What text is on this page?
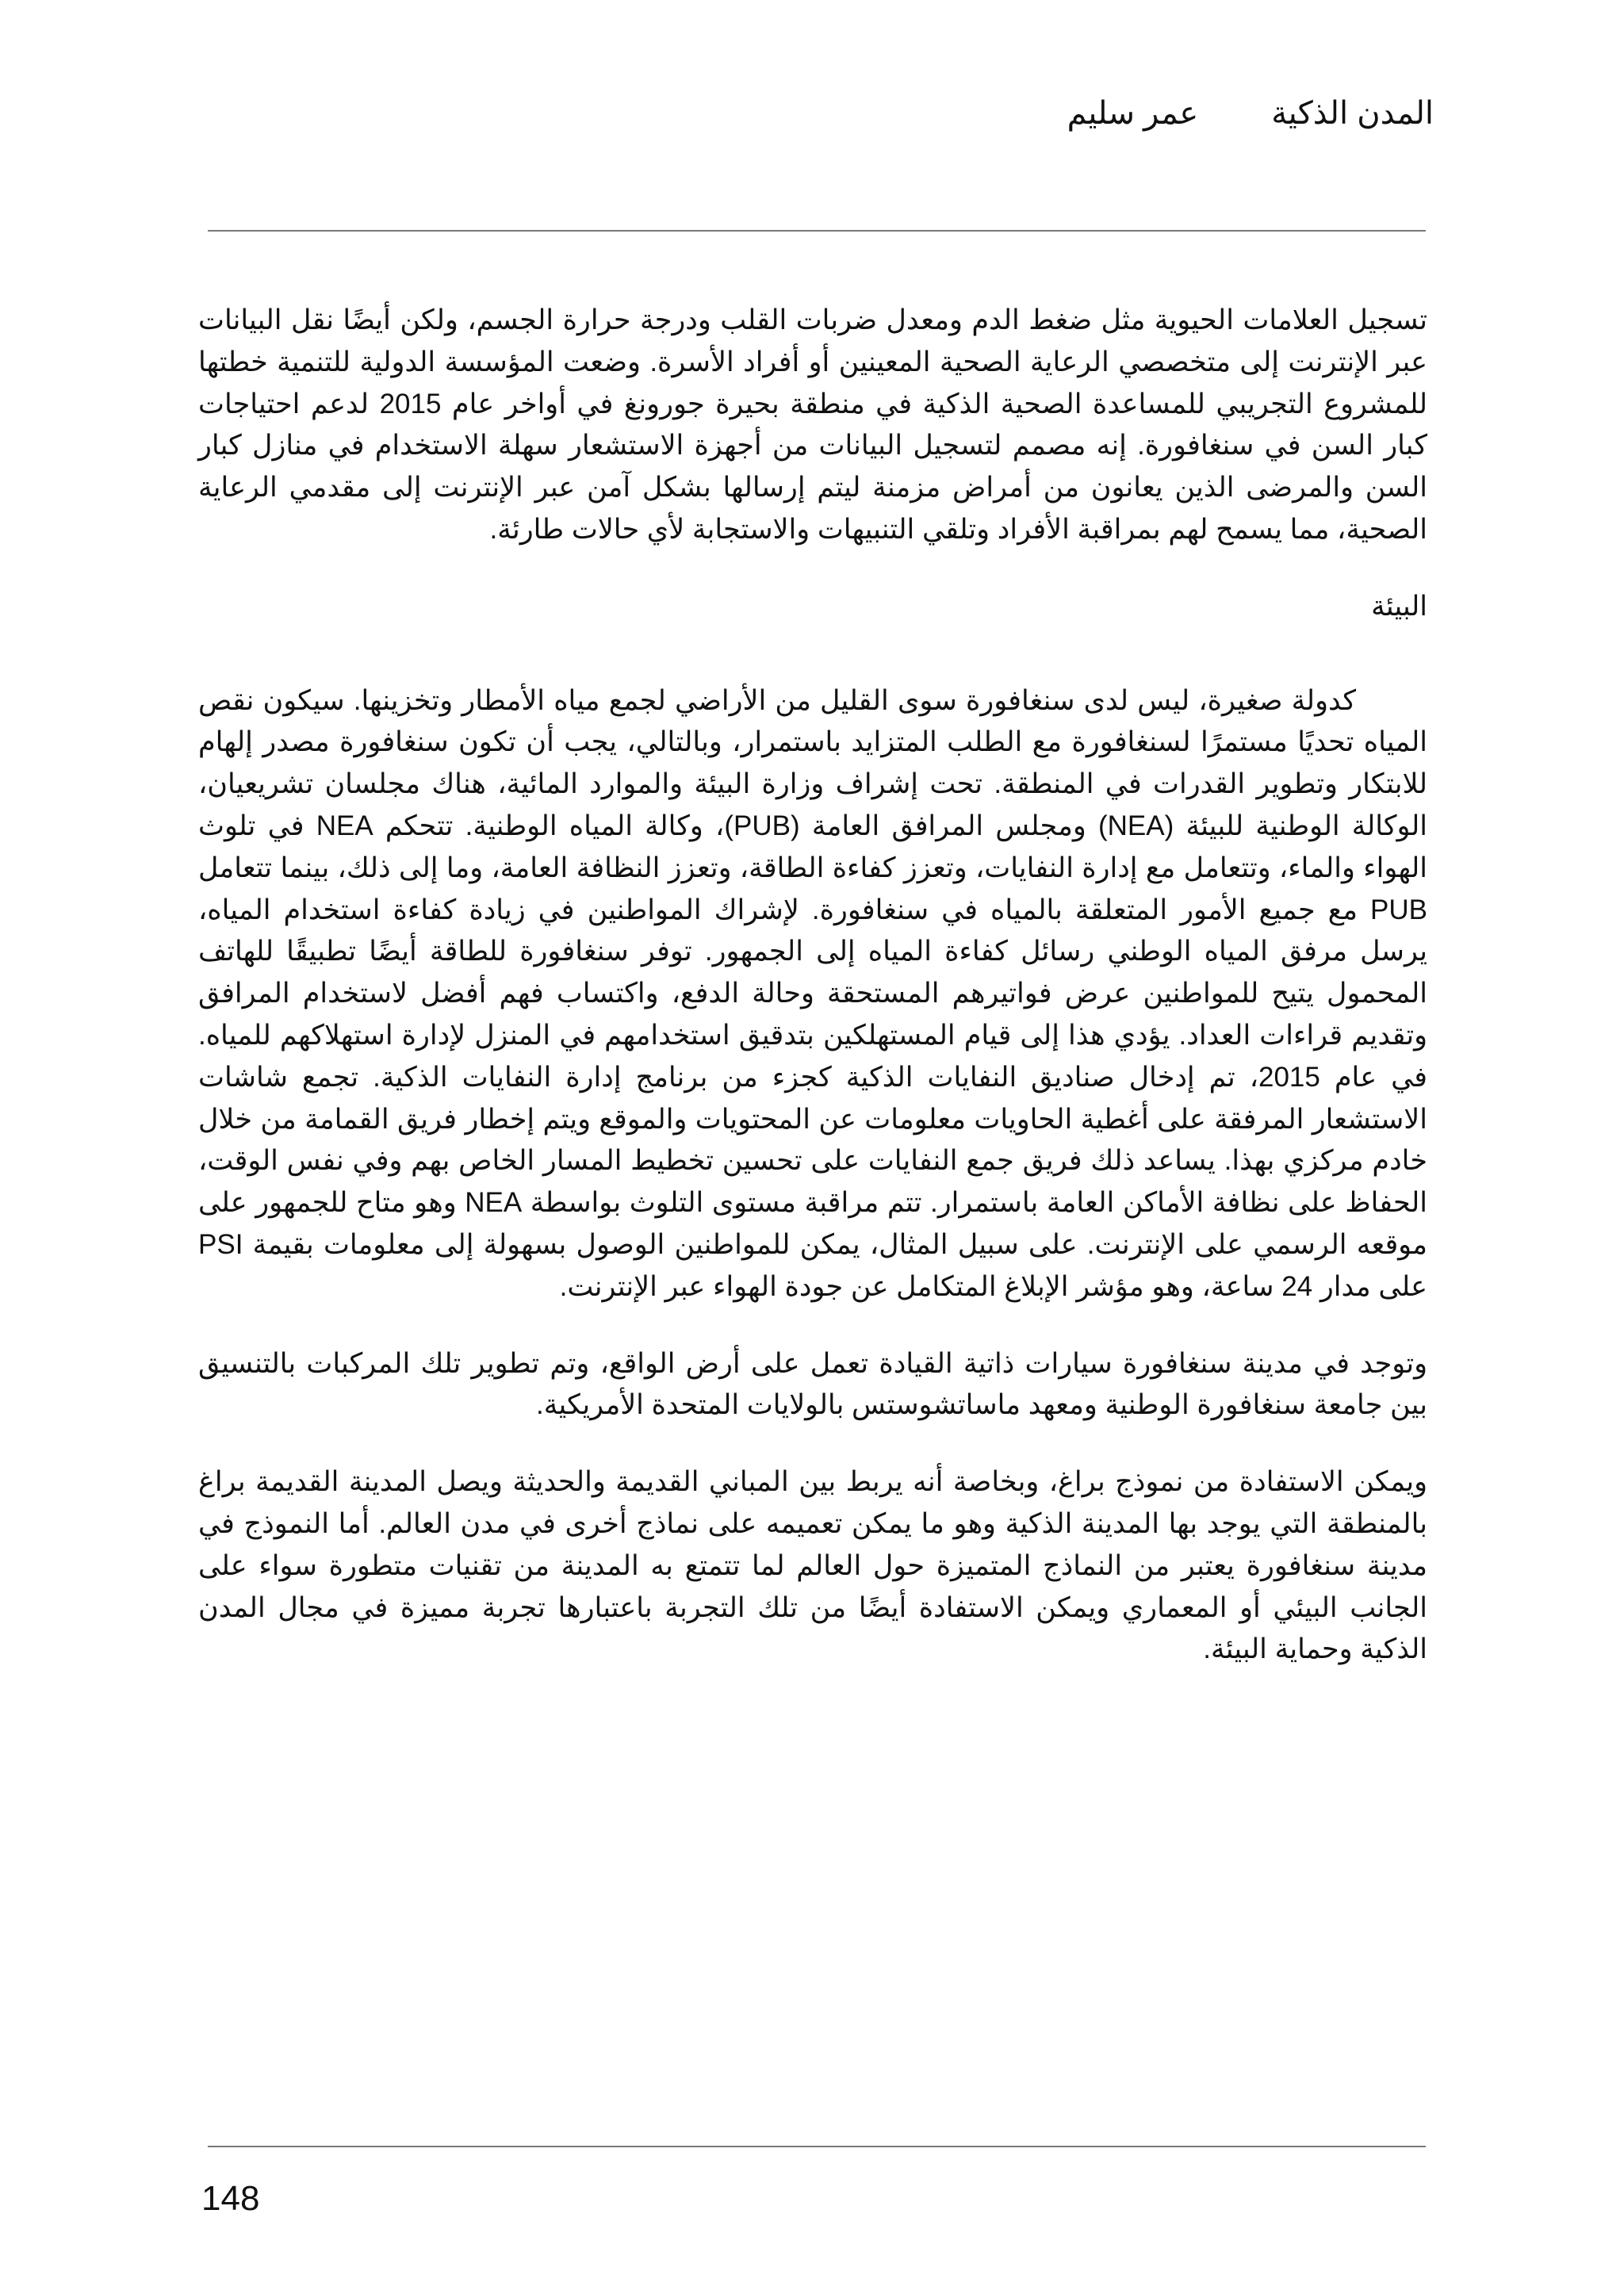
المدن الذكيةعمر سليم

تسجيل العلامات الحيوية مثل ضغط الدم ومعدل ضربات القلب ودرجة حرارة الجسم، ولكن أيضًا نقل البيانات عبر الإنترنت إلى متخصصي الرعاية الصحية المعينين أو أفراد الأسرة. وضعت المؤسسة الدولية للتنمية خطتها للمشروع التجريبي للمساعدة الصحية الذكية في منطقة بحيرة جورونغ في أواخر عام 2015 لدعم احتياجات كبار السن في سنغافورة. إنه مصمم لتسجيل البيانات من أجهزة الاستشعار سهلة الاستخدام في منازل كبار السن والمرضى الذين يعانون من أمراض مزمنة ليتم إرسالها بشكل آمن عبر الإنترنت إلى مقدمي الرعاية الصحية، مما يسمح لهم بمراقبة الأفراد وتلقي التنبيهات والاستجابة لأي حالات طارئة.

البيئة

كدولة صغيرة، ليس لدى سنغافورة سوى القليل من الأراضي لجمع مياه الأمطار وتخزينها. سيكون نقص المياه تحديًا مستمرًا لسنغافورة مع الطلب المتزايد باستمرار، وبالتالي، يجب أن تكون سنغافورة مصدر إلهام للابتكار وتطوير القدرات في المنطقة. تحت إشراف وزارة البيئة والموارد المائية، هناك مجلسان تشريعيان، الوكالة الوطنية للبيئة (NEA) ومجلس المرافق العامة (PUB)، وكالة المياه الوطنية. تتحكم NEA في تلوث الهواء والماء، وتتعامل مع إدارة النفايات، وتعزز كفاءة الطاقة، وتعزز النظافة العامة، وما إلى ذلك، بينما تتعامل PUB مع جميع الأمور المتعلقة بالمياه في سنغافورة. لإشراك المواطنين في زيادة كفاءة استخدام المياه، يرسل مرفق المياه الوطني رسائل كفاءة المياه إلى الجمهور. توفر سنغافورة للطاقة أيضًا تطبيقًا للهاتف المحمول يتيح للمواطنين عرض فواتيرهم المستحقة وحالة الدفع، واكتساب فهم أفضل لاستخدام المرافق وتقديم قراءات العداد. يؤدي هذا إلى قيام المستهلكين بتدقيق استخدامهم في المنزل لإدارة استهلاكهم للمياه. في عام 2015، تم إدخال صناديق النفايات الذكية كجزء من برنامج إدارة النفايات الذكية. تجمع شاشات الاستشعار المرفقة على أغطية الحاويات معلومات عن المحتويات والموقع ويتم إخطار فريق القمامة من خلال خادم مركزي بهذا. يساعد ذلك فريق جمع النفايات على تحسين تخطيط المسار الخاص بهم وفي نفس الوقت، الحفاظ على نظافة الأماكن العامة باستمرار. تتم مراقبة مستوى التلوث بواسطة NEA وهو متاح للجمهور على موقعه الرسمي على الإنترنت. على سبيل المثال، يمكن للمواطنين الوصول بسهولة إلى معلومات بقيمة PSI على مدار 24 ساعة، وهو مؤشر الإبلاغ المتكامل عن جودة الهواء عبر الإنترنت.

وتوجد في مدينة سنغافورة سيارات ذاتية القيادة تعمل على أرض الواقع، وتم تطوير تلك المركبات بالتنسيق بين جامعة سنغافورة الوطنية ومعهد ماساتشوستس بالولايات المتحدة الأمريكية.

ويمكن الاستفادة من نموذج براغ، وبخاصة أنه يربط بين المباني القديمة والحديثة ويصل المدينة القديمة براغ بالمنطقة التي يوجد بها المدينة الذكية وهو ما يمكن تعميمه على نماذج أخرى في مدن العالم. أما النموذج في مدينة سنغافورة يعتبر من النماذج المتميزة حول العالم لما تتمتع به المدينة من تقنيات متطورة سواء على الجانب البيئي أو المعماري ويمكن الاستفادة أيضًا من تلك التجربة باعتبارها تجربة مميزة في مجال المدن الذكية وحماية البيئة.

148
